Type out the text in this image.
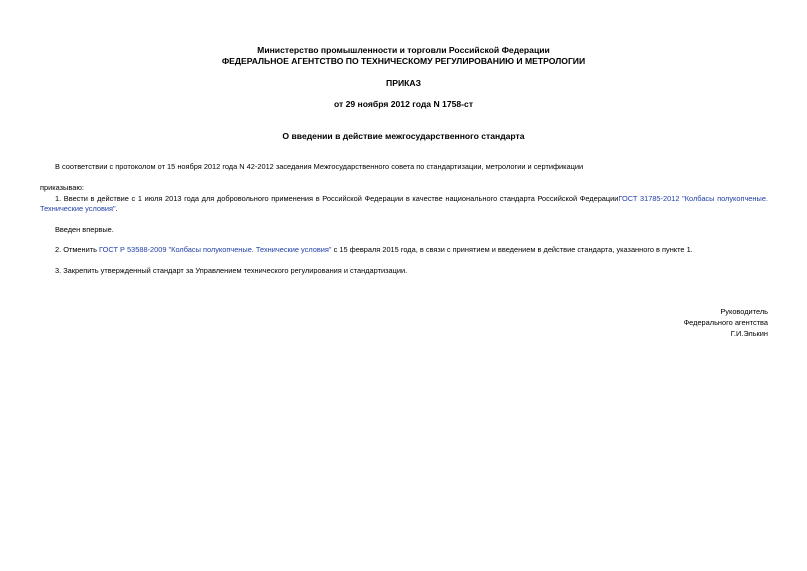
Министерство промышленности и торговли Российской Федерации
ФЕДЕРАЛЬНОЕ АГЕНТСТВО ПО ТЕХНИЧЕСКОМУ РЕГУЛИРОВАНИЮ И МЕТРОЛОГИИ
ПРИКАЗ
от 29 ноября 2012 года N 1758-ст
О введении в действие межгосударственного стандарта
В соответствии с протоколом от 15 ноября 2012 года N 42-2012 заседания Межгосударственного совета по стандартизации, метрологии и сертификации
приказываю:
1. Ввести в действие с 1 июля 2013 года для добровольного применения в Российской Федерации в качестве национального стандарта Российской ФедерацииГОСТ 31785-2012 "Колбасы полукопченые. Технические условия".
Введен впервые.
2. Отменить ГОСТ Р 53588-2009 "Колбасы полукопченые. Технические условия" с 15 февраля 2015 года, в связи с принятием и введением в действие стандарта, указанного в пункте 1.
3. Закрепить утвержденный стандарт за Управлением технического регулирования и стандартизации.
Руководитель
Федерального агентства
Г.И.Элькин
